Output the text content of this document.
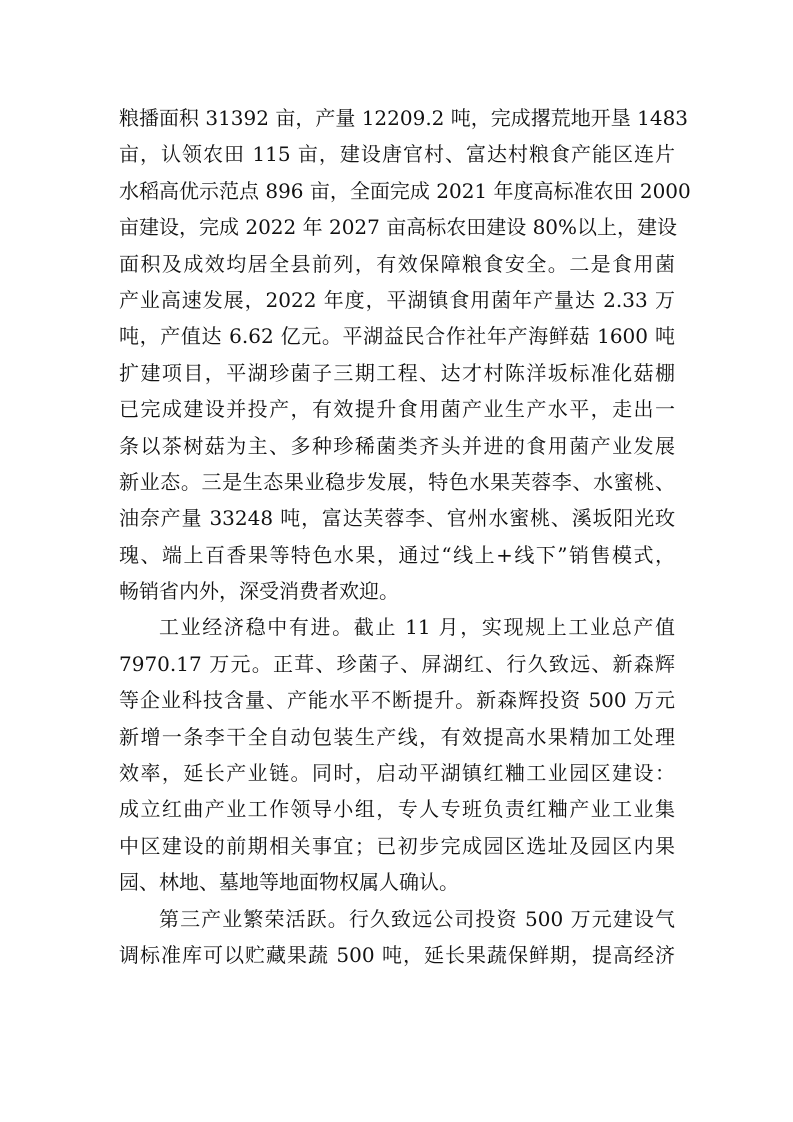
粮播面积 31392 亩，产量 12209.2 吨，完成撂荒地开垦 1483
亩，认领农田 115 亩，建设唐官村、富达村粮食产能区连片
水稻高优示范点 896 亩，全面完成 2021 年度高标准农田 2000
亩建设，完成 2022 年 2027 亩高标农田建设 80%以上，建设
面积及成效均居全县前列，有效保障粮食安全。二是食用菌
产业高速发展，2022 年度，平湖镇食用菌年产量达 2.33 万
吨，产值达 6.62 亿元。平湖益民合作社年产海鲜菇 1600 吨
扩建项目，平湖珍菌子三期工程、达才村陈洋坂标准化菇棚
已完成建设并投产，有效提升食用菌产业生产水平，走出一
条以茶树菇为主、多种珍稀菌类齐头并进的食用菌产业发展
新业态。三是生态果业稳步发展，特色水果芙蓉李、水蜜桃、
油奈产量 33248 吨，富达芙蓉李、官州水蜜桃、溪坂阳光玫
瑰、端上百香果等特色水果，通过“线上+线下”销售模式，
畅销省内外，深受消费者欢迎。
工业经济稳中有进。截止 11 月，实现规上工业总产值
7970.17 万元。正茸、珍菌子、屏湖红、行久致远、新森辉
等企业科技含量、产能水平不断提升。新森辉投资 500 万元
新增一条李干全自动包装生产线，有效提高水果精加工处理
效率，延长产业链。同时，启动平湖镇红粬工业园区建设：
成立红曲产业工作领导小组，专人专班负责红粬产业工业集
中区建设的前期相关事宜；已初步完成园区选址及园区内果
园、林地、墓地等地面物权属人确认。
第三产业繁荣活跃。行久致远公司投资 500 万元建设气
调标准库可以贮藏果蔬 500 吨，延长果蔬保鲜期，提高经济
